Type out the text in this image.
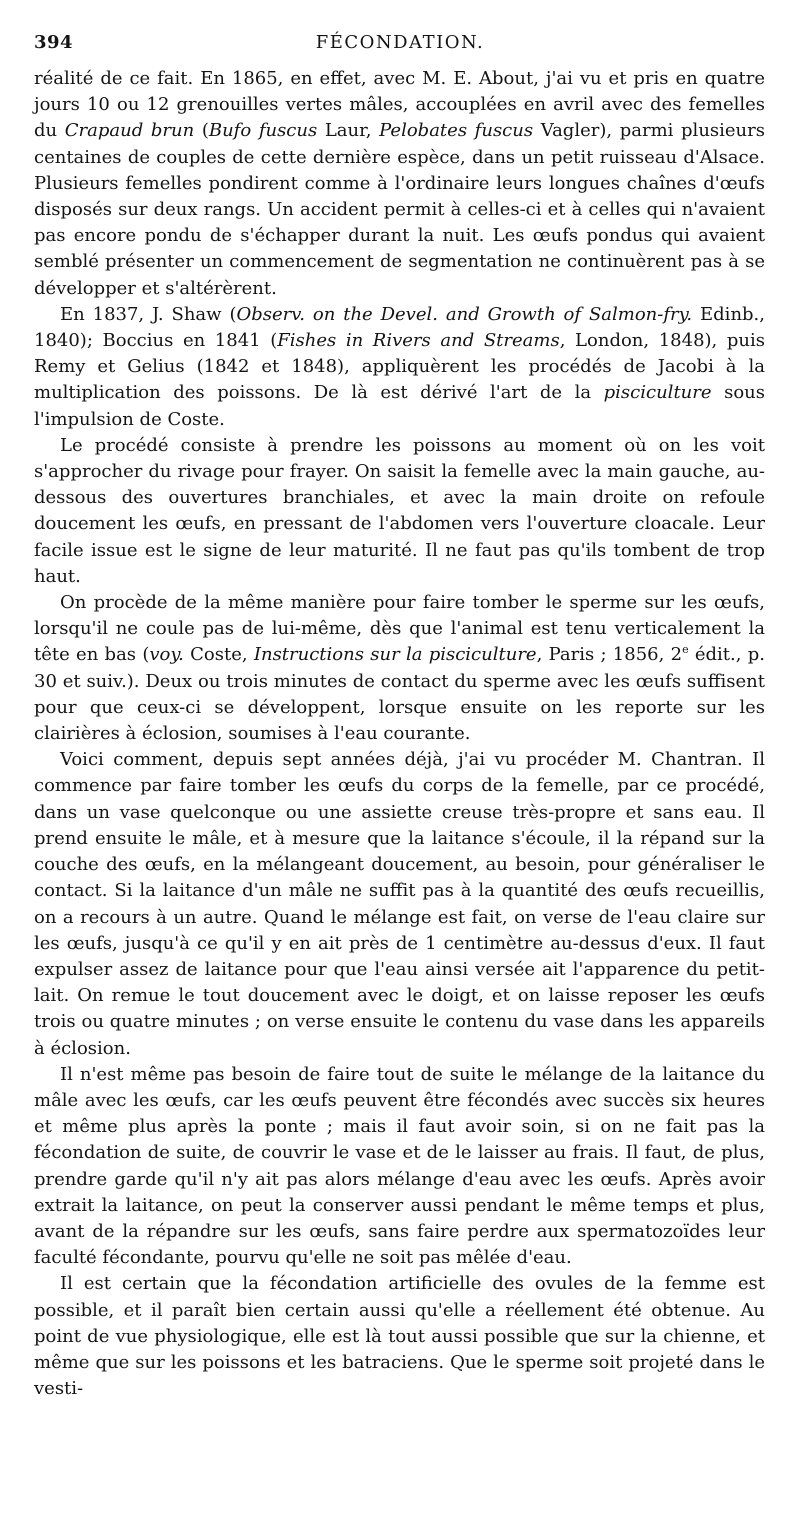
394	FÉCONDATION.

réalité de ce fait. En 1865, en effet, avec M. E. About, j'ai vu et pris en quatre jours 10 ou 12 grenouilles vertes mâles, accouplées en avril avec des femelles du Crapaud brun (Bufo fuscus Laur, Pelobates fuscus Vagler), parmi plusieurs centaines de couples de cette dernière espèce, dans un petit ruisseau d'Alsace. Plusieurs femelles pondirent comme à l'ordinaire leurs longues chaînes d'œufs disposés sur deux rangs. Un accident permit à celles-ci et à celles qui n'avaient pas encore pondu de s'échapper durant la nuit. Les œufs pondus qui avaient semblé présenter un commencement de segmentation ne continuèrent pas à se développer et s'altérèrent.

En 1837, J. Shaw (Observ. on the Devel. and Growth of Salmon-fry. Edinb., 1840); Boccius en 1841 (Fishes in Rivers and Streams, London, 1848), puis Remy et Gelius (1842 et 1848), appliquèrent les procédés de Jacobi à la multiplication des poissons. De là est dérivé l'art de la pisciculture sous l'impulsion de Coste.

Le procédé consiste à prendre les poissons au moment où on les voit s'approcher du rivage pour frayer. On saisit la femelle avec la main gauche, au-dessous des ouvertures branchiales, et avec la main droite on refoule doucement les œufs, en pressant de l'abdomen vers l'ouverture cloacale. Leur facile issue est le signe de leur maturité. Il ne faut pas qu'ils tombent de trop haut.

On procède de la même manière pour faire tomber le sperme sur les œufs, lorsqu'il ne coule pas de lui-même, dès que l'animal est tenu verticalement la tête en bas (voy. Coste, Instructions sur la pisciculture, Paris ; 1856, 2e édit., p. 30 et suiv.). Deux ou trois minutes de contact du sperme avec les œufs suffisent pour que ceux-ci se développent, lorsque ensuite on les reporte sur les clairières à éclosion, soumises à l'eau courante.

Voici comment, depuis sept années déjà, j'ai vu procéder M. Chantran. Il commence par faire tomber les œufs du corps de la femelle, par ce procédé, dans un vase quelconque ou une assiette creuse très-propre et sans eau. Il prend ensuite le mâle, et à mesure que la laitance s'écoule, il la répand sur la couche des œufs, en la mélangeant doucement, au besoin, pour généraliser le contact. Si la laitance d'un mâle ne suffit pas à la quantité des œufs recueillis, on a recours à un autre. Quand le mélange est fait, on verse de l'eau claire sur les œufs, jusqu'à ce qu'il y en ait près de 1 centimètre au-dessus d'eux. Il faut expulser assez de laitance pour que l'eau ainsi versée ait l'apparence du petit-lait. On remue le tout doucement avec le doigt, et on laisse reposer les œufs trois ou quatre minutes ; on verse ensuite le contenu du vase dans les appareils à éclosion.

Il n'est même pas besoin de faire tout de suite le mélange de la laitance du mâle avec les œufs, car les œufs peuvent être fécondés avec succès six heures et même plus après la ponte ; mais il faut avoir soin, si on ne fait pas la fécondation de suite, de couvrir le vase et de le laisser au frais. Il faut, de plus, prendre garde qu'il n'y ait pas alors mélange d'eau avec les œufs. Après avoir extrait la laitance, on peut la conserver aussi pendant le même temps et plus, avant de la répandre sur les œufs, sans faire perdre aux spermatozoïdes leur faculté fécondante, pourvu qu'elle ne soit pas mêlée d'eau.

Il est certain que la fécondation artificielle des ovules de la femme est possible, et il paraît bien certain aussi qu'elle a réellement été obtenue. Au point de vue physiologique, elle est là tout aussi possible que sur la chienne, et même que sur les poissons et les batraciens. Que le sperme soit projeté dans le vesti-
